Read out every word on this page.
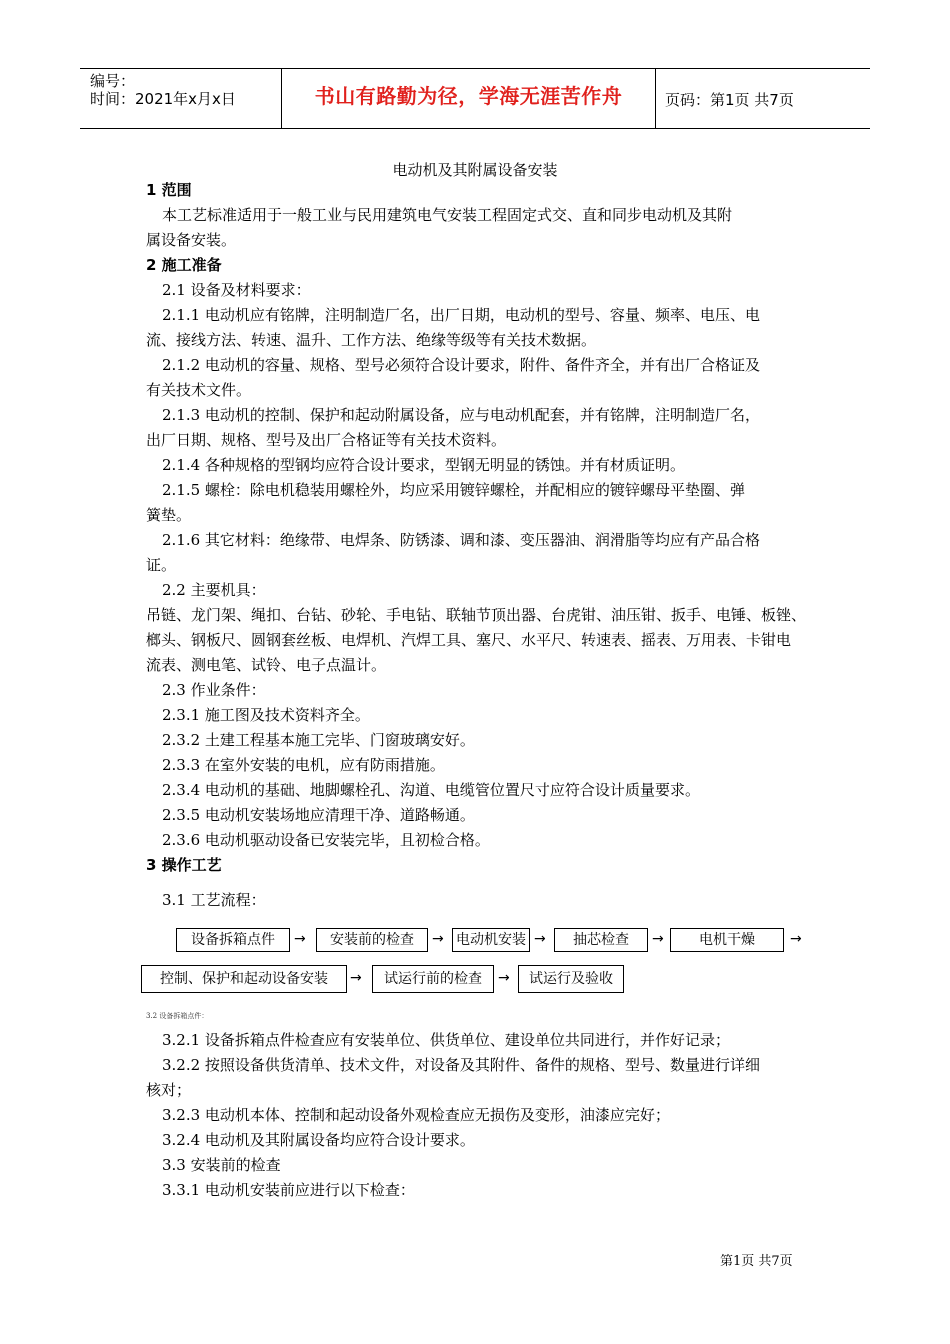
编号：
时间：2021年x月x日	书山有路勤为径，学海无涯苦作舟	页码：第1页 共7页
电动机及其附属设备安装
1 范围
本工艺标准适用于一般工业与民用建筑电气安装工程固定式交、直和同步电动机及其附
属设备安装。
2 施工准备
2.1 设备及材料要求：
2.1.1 电动机应有铭牌，注明制造厂名，出厂日期，电动机的型号、容量、频率、电压、电
流、接线方法、转速、温升、工作方法、绝缘等级等有关技术数据。
2.1.2 电动机的容量、规格、型号必须符合设计要求，附件、备件齐全，并有出厂合格证及
有关技术文件。
2.1.3 电动机的控制、保护和起动附属设备，应与电动机配套，并有铭牌，注明制造厂名，
出厂日期、规格、型号及出厂合格证等有关技术资料。
2.1.4 各种规格的型钢均应符合设计要求，型钢无明显的锈蚀。并有材质证明。
2.1.5 螺栓：除电机稳装用螺栓外，均应采用镀锌螺栓，并配相应的镀锌螺母平垫圈、弹
簧垫。
2.1.6 其它材料：绝缘带、电焊条、防锈漆、调和漆、变压器油、润滑脂等均应有产品合格
证。
2.2 主要机具：
吊链、龙门架、绳扣、台钻、砂轮、手电钻、联轴节顶出器、台虎钳、油压钳、扳手、电锤、板锉、
榔头、钢板尺、圆钢套丝板、电焊机、汽焊工具、塞尺、水平尺、转速表、摇表、万用表、卡钳电
流表、测电笔、试铃、电子点温计。
2.3 作业条件：
2.3.1 施工图及技术资料齐全。
2.3.2 土建工程基本施工完毕、门窗玻璃安好。
2.3.3 在室外安装的电机，应有防雨措施。
2.3.4 电动机的基础、地脚螺栓孔、沟道、电缆管位置尺寸应符合设计质量要求。
2.3.5 电动机安装场地应清理干净、道路畅通。
2.3.6 电动机驱动设备已安装完毕，且初检合格。
3 操作工艺
3.1 工艺流程：
设备拆箱点件	→	安装前的检查	→ 电动机安装 →	抽芯检查	→	电机干燥	→
控制、保护和起动设备安装	→	试运行前的检查	→	试运行及验收
3.2 设备拆箱点件：
3.2.1 设备拆箱点件检查应有安装单位、供货单位、建设单位共同进行，并作好记录；
3.2.2 按照设备供货清单、技术文件，对设备及其附件、备件的规格、型号、数量进行详细
核对；
3.2.3 电动机本体、控制和起动设备外观检查应无损伤及变形，油漆应完好；
3.2.4 电动机及其附属设备均应符合设计要求。
3.3 安装前的检查
3.3.1 电动机安装前应进行以下检查：
第1页 共7页
